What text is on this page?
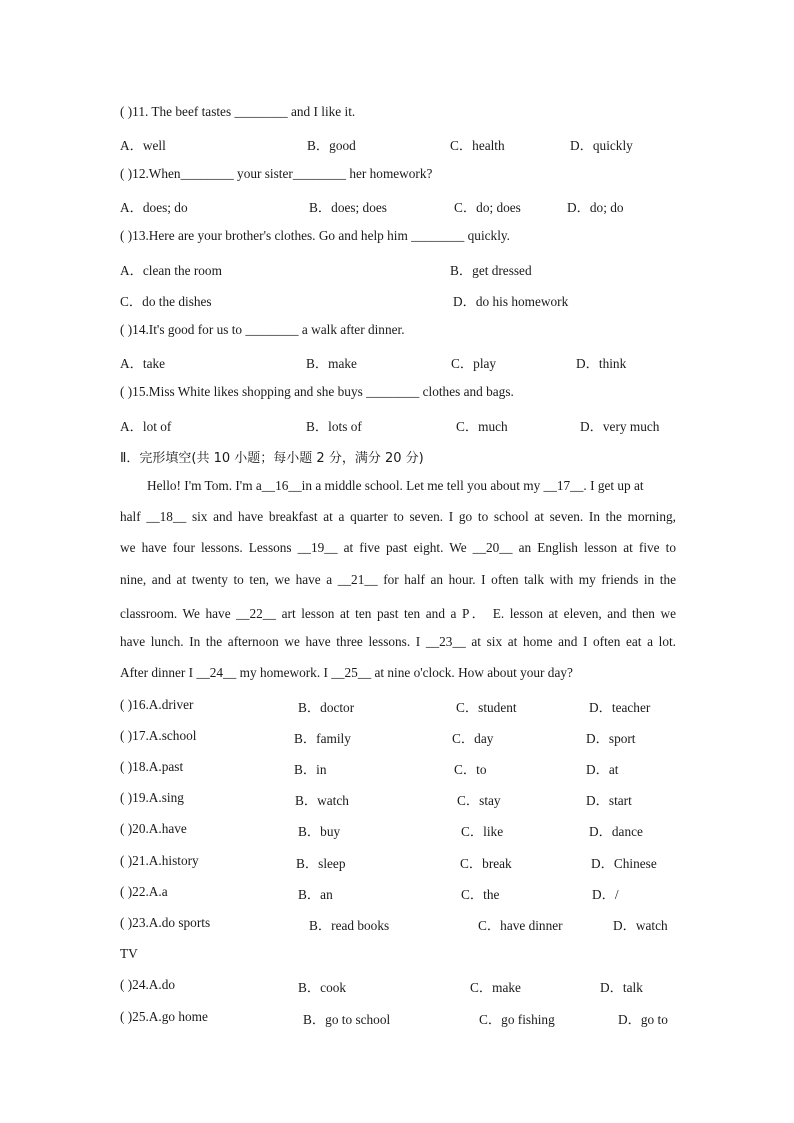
( )11. The beef tastes ________ and I like it.
A．well	B．good	C．health	D．quickly
( )12.When________ your sister________ her homework?
A．does; do	B．does; does	C．do; does	D．do; do
( )13.Here are your brother's clothes. Go and help him ________ quickly.
A．clean the room	B．get dressed
C．do the dishes	D．do his homework
( )14.It's good for us to ________ a walk after dinner.
A．take	B．make	C．play	D．think
( )15.Miss White likes shopping and she buys ________ clothes and bags.
A．lot of	B．lots of	C．much	D．very much
Ⅱ．完形填空(共 10 小题；每小题 2 分，满分 20 分)
Hello! I'm Tom. I'm a__16__in a middle school. Let me tell you about my __17__. I get up at
half __18__ six and have breakfast at a quarter to seven. I go to school at seven. In the morning,
we have four lessons. Lessons __19__ at five past eight. We __20__ an English lesson at five to
nine, and at twenty to ten, we have a __21__ for half an hour. I often talk with my friends in the
classroom. We have __22__ art lesson at ten past ten and a P． E. lesson at eleven, and then we
have lunch. In the afternoon we have three lessons. I __23__ at six at home and I often eat a lot.
After dinner I __24__ my homework. I __25__ at nine o'clock. How about your day?
( )16.A.driver	B．doctor	C．student	D．teacher
( )17.A.school	B．family	C．day	D．sport
( )18.A.past	B．in	C．to	D．at
( )19.A.sing	B．watch	C．stay	D．start
( )20.A.have	B．buy	C．like	D．dance
( )21.A.history	B．sleep	C．break	D．Chinese
( )22.A.a	B．an	C．the	D．/
( )23.A.do sports	B．read books	C．have dinner	D．watch
TV
( )24.A.do	B．cook	C．make	D．talk
( )25.A.go home	B．go to school	C．go fishing	D．go to
